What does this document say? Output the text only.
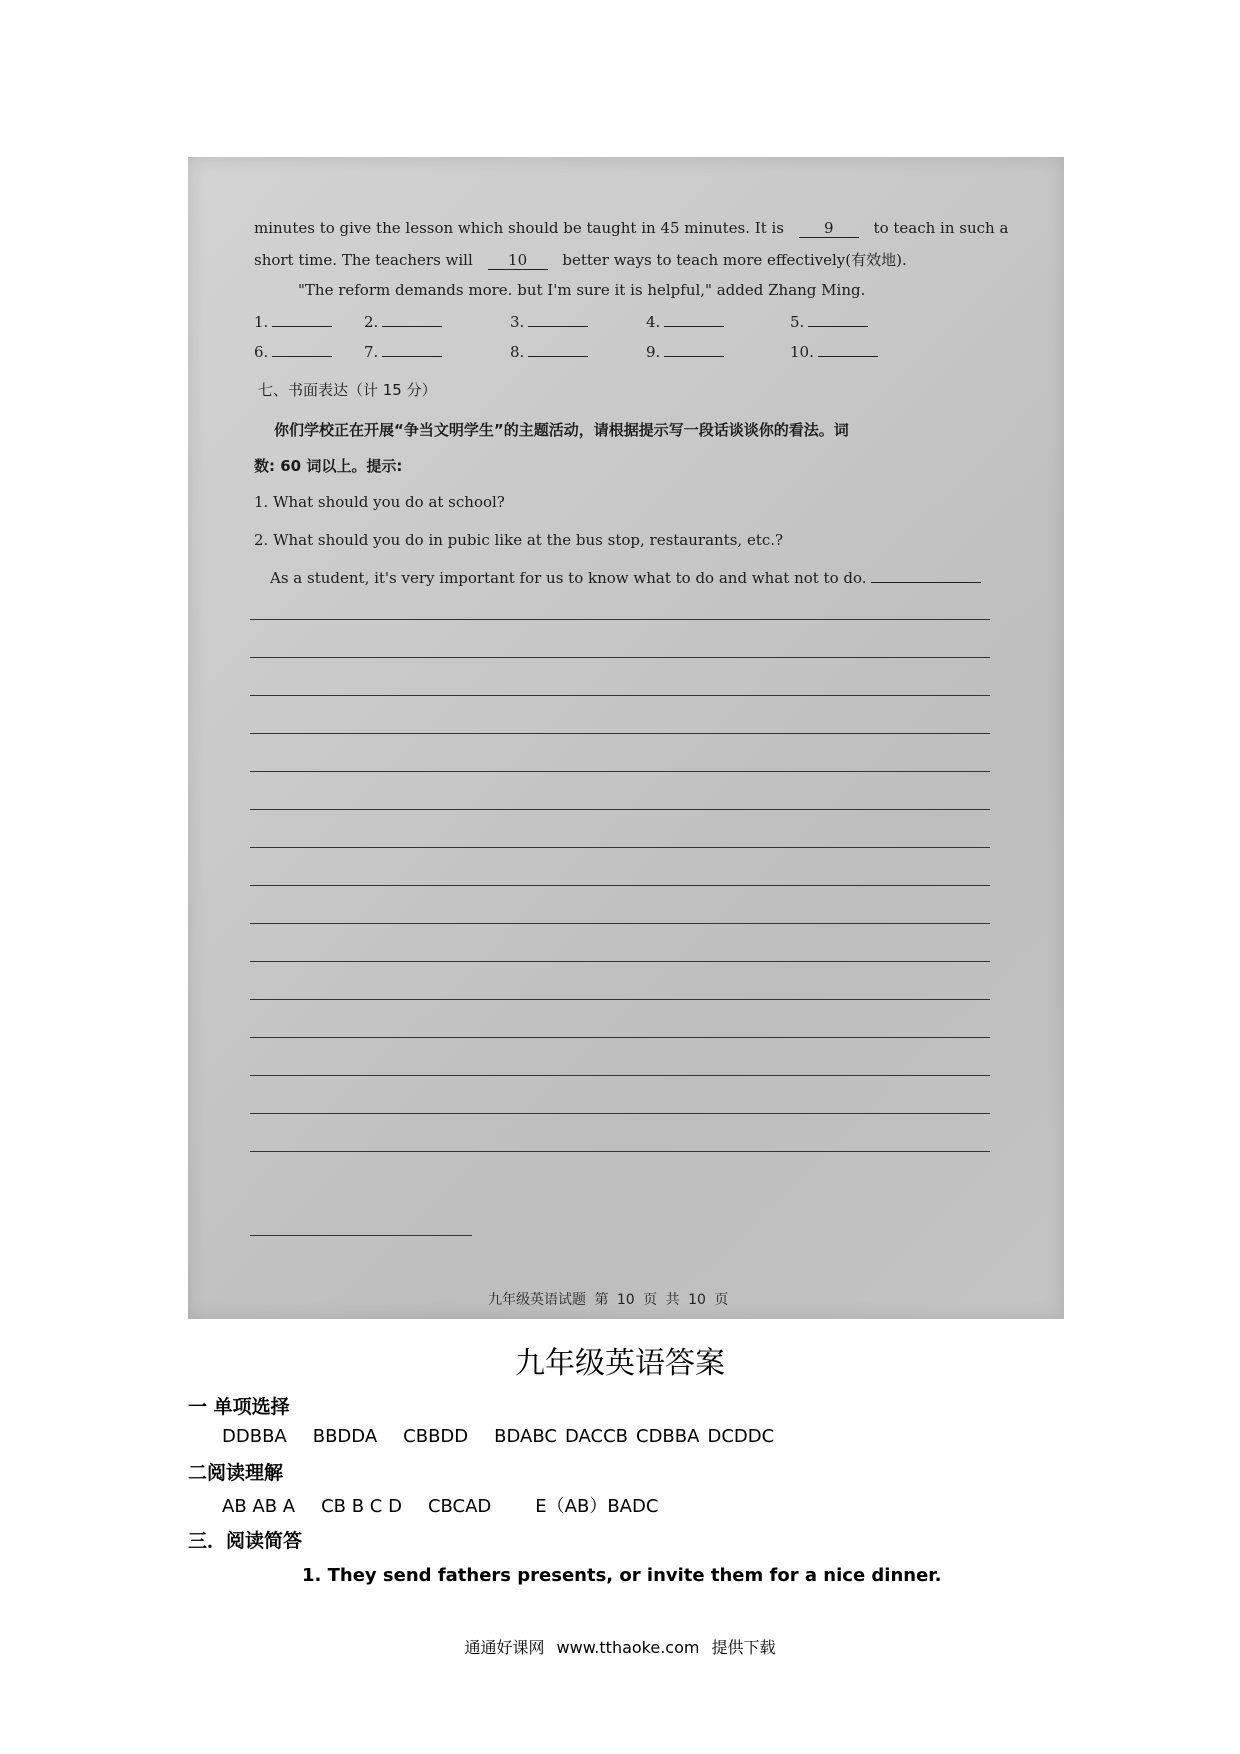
minutes to give the lesson which should be taught in 45 minutes. It is	9	to teach in such a
short time. The teachers will 10 better ways to teach more effectively(有效地).
"The reform demands more. but I'm sure it is helpful," added Zhang Ming.
1.	2.	3.	4.	5.
6.	7.	8.	9.	10.
七、书面表达（计 15 分）
你们学校正在开展“争当文明学生”的主题活动，请根据提示写一段话谈谈你的看法。词
数: 60 词以上。提示:
1. What should you do at school?
2. What should you do in pubic like at the bus stop, restaurants, etc.?
As a student, it's very important for us to know what to do and what not to do.
九年级英语试题 第 10 页 共 10 页
九年级英语答案
一 单项选择
DDBBA BBDDA CBBDD BDABC DACCB CDBBA DCDDC
二阅读理解
AB AB A CB B C D CBCAD E（AB）BADC
三．阅读简答
1. They send fathers presents, or invite them for a nice dinner.
通通好课网 www.tthaoke.com 提供下载
